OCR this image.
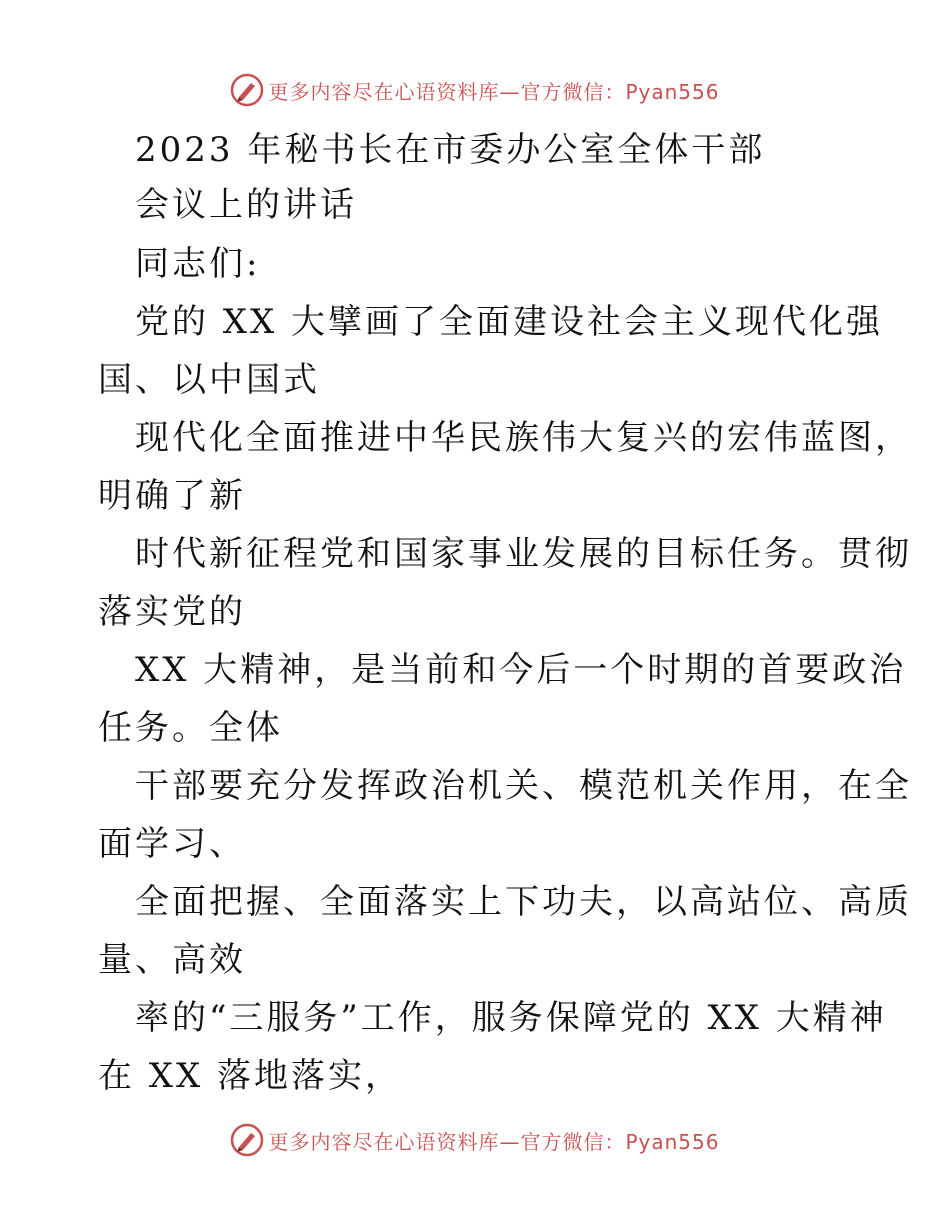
更多内容尽在心语资料库—官方微信：Pyan556
2023 年秘书长在市委办公室全体干部
会议上的讲话
同志们:
党的 XX 大擘画了全面建设社会主义现代化强
国、以中国式
现代化全面推进中华民族伟大复兴的宏伟蓝图，
明确了新
时代新征程党和国家事业发展的目标任务。贯彻
落实党的
XX 大精神，是当前和今后一个时期的首要政治
任务。全体
干部要充分发挥政治机关、模范机关作用，在全
面学习、
全面把握、全面落实上下功夫，以高站位、高质
量、高效
率的“三服务”工作，服务保障党的 XX 大精神
在 XX 落地落实，
更多内容尽在心语资料库—官方微信：Pyan556
